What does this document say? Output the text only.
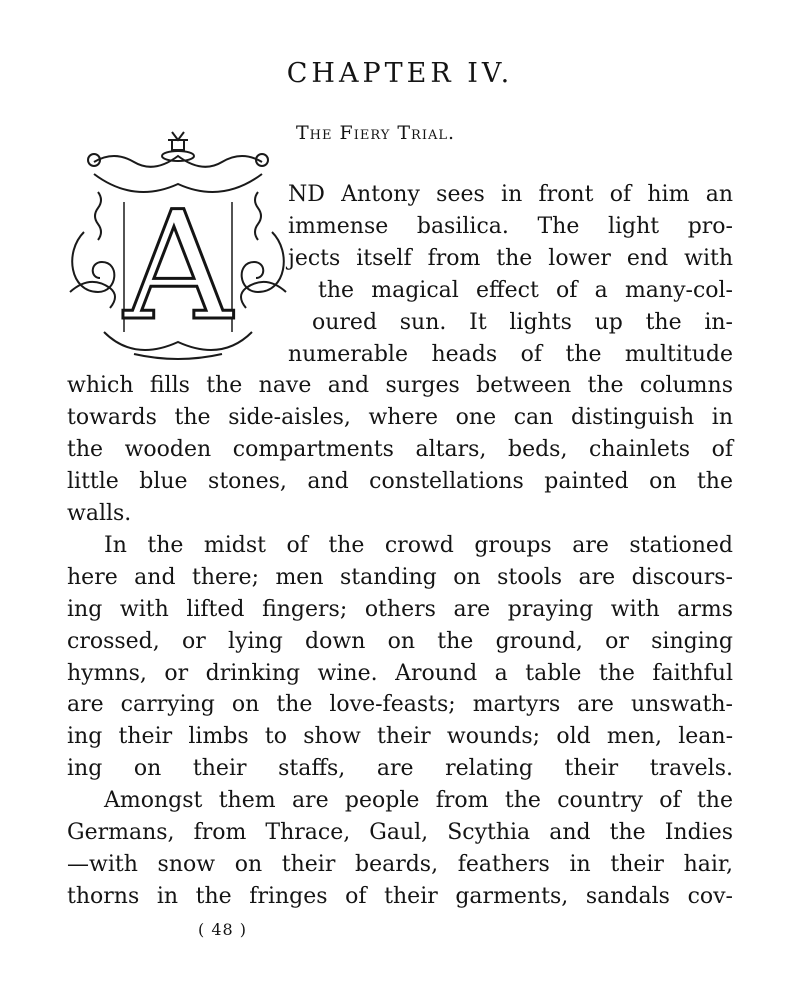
CHAPTER IV.
The Fiery Trial.
A	ND Antony sees in front of him an
immense basilica. The light pro-
jects itself from the lower end with
the magical effect of a many-col-
oured sun. It lights up the in-
numerable heads of the multitude
which fills the nave and surges between the columns
towards the side-aisles, where one can distinguish in
the wooden compartments altars, beds, chainlets of
little blue stones, and constellations painted on the
walls.
In the midst of the crowd groups are stationed
here and there; men standing on stools are discours-
ing with lifted fingers; others are praying with arms
crossed, or lying down on the ground, or singing
hymns, or drinking wine. Around a table the faithful
are carrying on the love-feasts; martyrs are unswath-
ing their limbs to show their wounds; old men, lean-
ing on their staffs, are relating their travels.
Amongst them are people from the country of the
Germans, from Thrace, Gaul, Scythia and the Indies
—with snow on their beards, feathers in their hair,
thorns in the fringes of their garments, sandals cov-
( 48 )
